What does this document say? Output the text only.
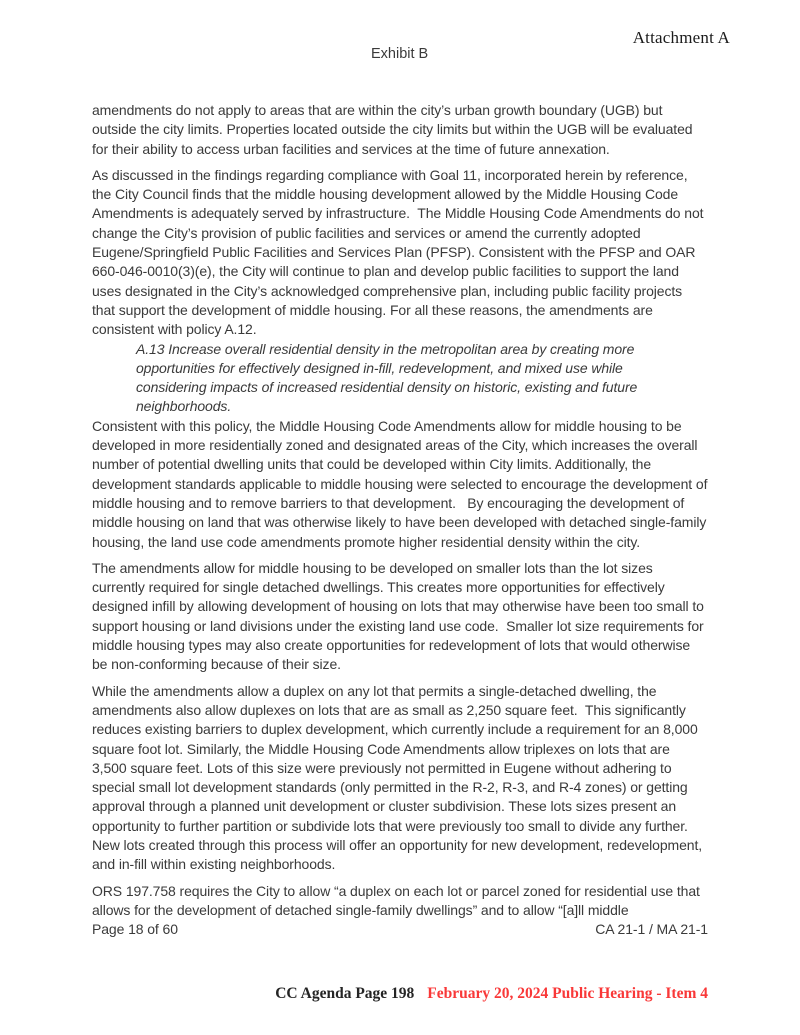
Attachment A
Exhibit B

amendments do not apply to areas that are within the city’s urban growth boundary (UGB) but outside the city limits. Properties located outside the city limits but within the UGB will be evaluated for their ability to access urban facilities and services at the time of future annexation.

As discussed in the findings regarding compliance with Goal 11, incorporated herein by reference, the City Council finds that the middle housing development allowed by the Middle Housing Code Amendments is adequately served by infrastructure.  The Middle Housing Code Amendments do not change the City’s provision of public facilities and services or amend the currently adopted Eugene/Springfield Public Facilities and Services Plan (PFSP). Consistent with the PFSP and OAR 660-046-0010(3)(e), the City will continue to plan and develop public facilities to support the land uses designated in the City’s acknowledged comprehensive plan, including public facility projects that support the development of middle housing. For all these reasons, the amendments are consistent with policy A.12.

A.13 Increase overall residential density in the metropolitan area by creating more opportunities for effectively designed in-fill, redevelopment, and mixed use while considering impacts of increased residential density on historic, existing and future neighborhoods.

Consistent with this policy, the Middle Housing Code Amendments allow for middle housing to be developed in more residentially zoned and designated areas of the City, which increases the overall number of potential dwelling units that could be developed within City limits. Additionally, the development standards applicable to middle housing were selected to encourage the development of middle housing and to remove barriers to that development.   By encouraging the development of middle housing on land that was otherwise likely to have been developed with detached single-family housing, the land use code amendments promote higher residential density within the city.

The amendments allow for middle housing to be developed on smaller lots than the lot sizes currently required for single detached dwellings. This creates more opportunities for effectively designed infill by allowing development of housing on lots that may otherwise have been too small to support housing or land divisions under the existing land use code.  Smaller lot size requirements for middle housing types may also create opportunities for redevelopment of lots that would otherwise be non-conforming because of their size.

While the amendments allow a duplex on any lot that permits a single-detached dwelling, the amendments also allow duplexes on lots that are as small as 2,250 square feet.  This significantly reduces existing barriers to duplex development, which currently include a requirement for an 8,000 square foot lot. Similarly, the Middle Housing Code Amendments allow triplexes on lots that are 3,500 square feet. Lots of this size were previously not permitted in Eugene without adhering to special small lot development standards (only permitted in the R-2, R-3, and R-4 zones) or getting approval through a planned unit development or cluster subdivision. These lots sizes present an opportunity to further partition or subdivide lots that were previously too small to divide any further. New lots created through this process will offer an opportunity for new development, redevelopment, and in-fill within existing neighborhoods.

ORS 197.758 requires the City to allow “a duplex on each lot or parcel zoned for residential use that allows for the development of detached single-family dwellings” and to allow “[a]ll middle

Page 18 of 60	CA 21-1 / MA 21-1
CC Agenda Page 198 February 20, 2024 Public Hearing - Item 4
